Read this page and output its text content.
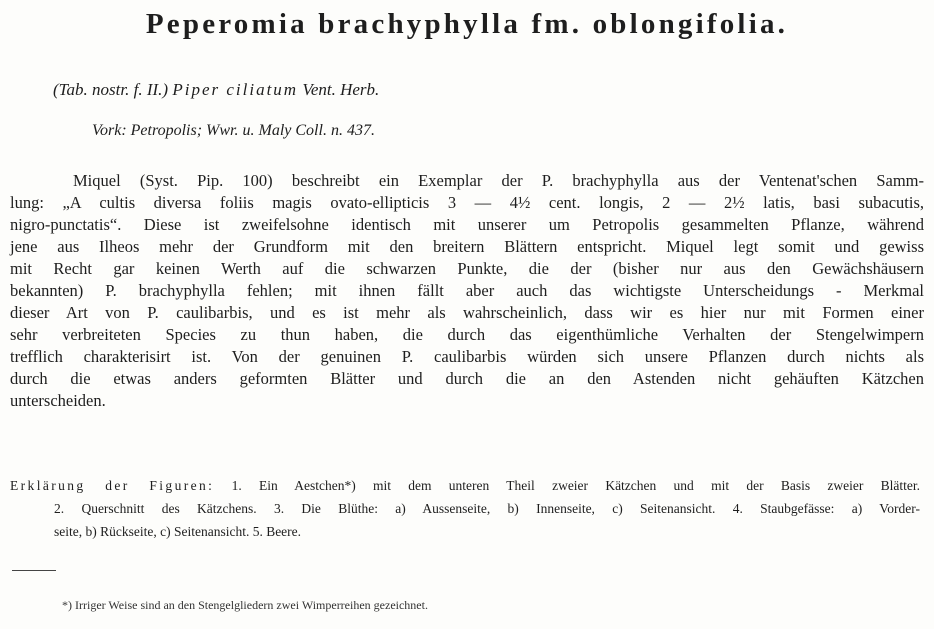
Peperomia brachyphylla fm. oblongifolia.
(Tab. nostr. f. II.) Piper ciliatum Vent. Herb.
Vork: Petropolis; Wwr. u. Maly Coll. n. 437.
Miquel (Syst. Pip. 100) beschreibt ein Exemplar der P. brachyphylla aus der Ventenat'schen Samm-
lung: „A cultis diversa foliis magis ovato-ellipticis 3 — 4½ cent. longis, 2 — 2½ latis, basi subacutis,
nigro-punctatis“. Diese ist zweifelsohne identisch mit unserer um Petropolis gesammelten Pflanze, während
jene aus Ilheos mehr der Grundform mit den breitern Blättern entspricht. Miquel legt somit und gewiss
mit Recht gar keinen Werth auf die schwarzen Punkte, die der (bisher nur aus den Gewächshäusern
bekannten) P. brachyphylla fehlen; mit ihnen fällt aber auch das wichtigste Unterscheidungs - Merkmal
dieser Art von P. caulibarbis, und es ist mehr als wahrscheinlich, dass wir es hier nur mit Formen einer
sehr verbreiteten Species zu thun haben, die durch das eigenthümliche Verhalten der Stengelwimpern
trefflich charakterisirt ist. Von der genuinen P. caulibarbis würden sich unsere Pflanzen durch nichts als
durch die etwas anders geformten Blätter und durch die an den Astenden nicht gehäuften Kätzchen
unterscheiden.
Erklärung der Figuren: 1. Ein Aestchen*) mit dem unteren Theil zweier Kätzchen und mit der Basis zweier Blätter.
2. Querschnitt des Kätzchens. 3. Die Blüthe: a) Aussenseite, b) Innenseite, c) Seitenansicht. 4. Staubgefässe: a) Vorder-
seite, b) Rückseite, c) Seitenansicht. 5. Beere.
*) Irriger Weise sind an den Stengelgliedern zwei Wimperreihen gezeichnet.
